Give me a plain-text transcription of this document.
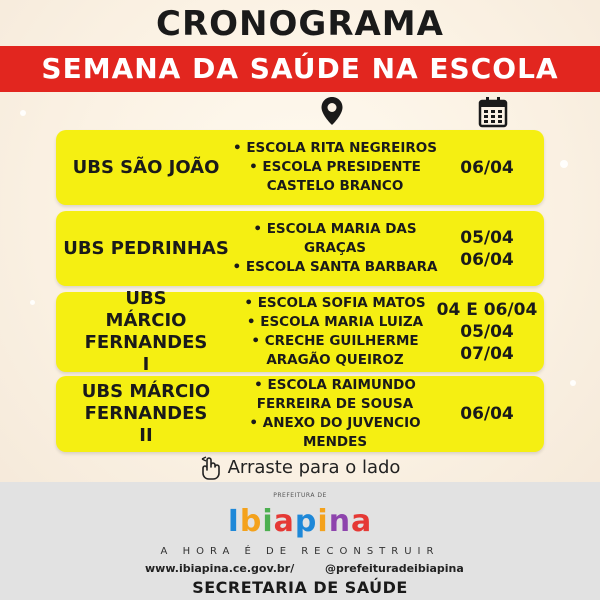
CRONOGRAMA
SEMANA DA SAÚDE NA ESCOLA
UBS SÃO JOÃO
• ESCOLA RITA NEGREIROS
• ESCOLA PRESIDENTE
CASTELO BRANCO
06/04
UBS PEDRINHAS
• ESCOLA MARIA DAS
GRAÇAS
• ESCOLA SANTA BARBARA
05/04
06/04
UBS MÁRCIO FERNANDES I
• ESCOLA SOFIA MATOS
• ESCOLA MARIA LUIZA
• CRECHE GUILHERME
ARAGÃO QUEIROZ
04 E 06/04
05/04
07/04
UBS MÁRCIO FERNANDES II
• ESCOLA RAIMUNDO
FERREIRA DE SOUSA
• ANEXO DO JUVENCIO
MENDES
06/04
Arraste para o lado
PREFEITURA DE
Ibiapina
A HORA É DE RECONSTRUIR
www.ibiapina.ce.gov.br/	@prefeituradeibiapina
SECRETARIA DE SAÚDE
